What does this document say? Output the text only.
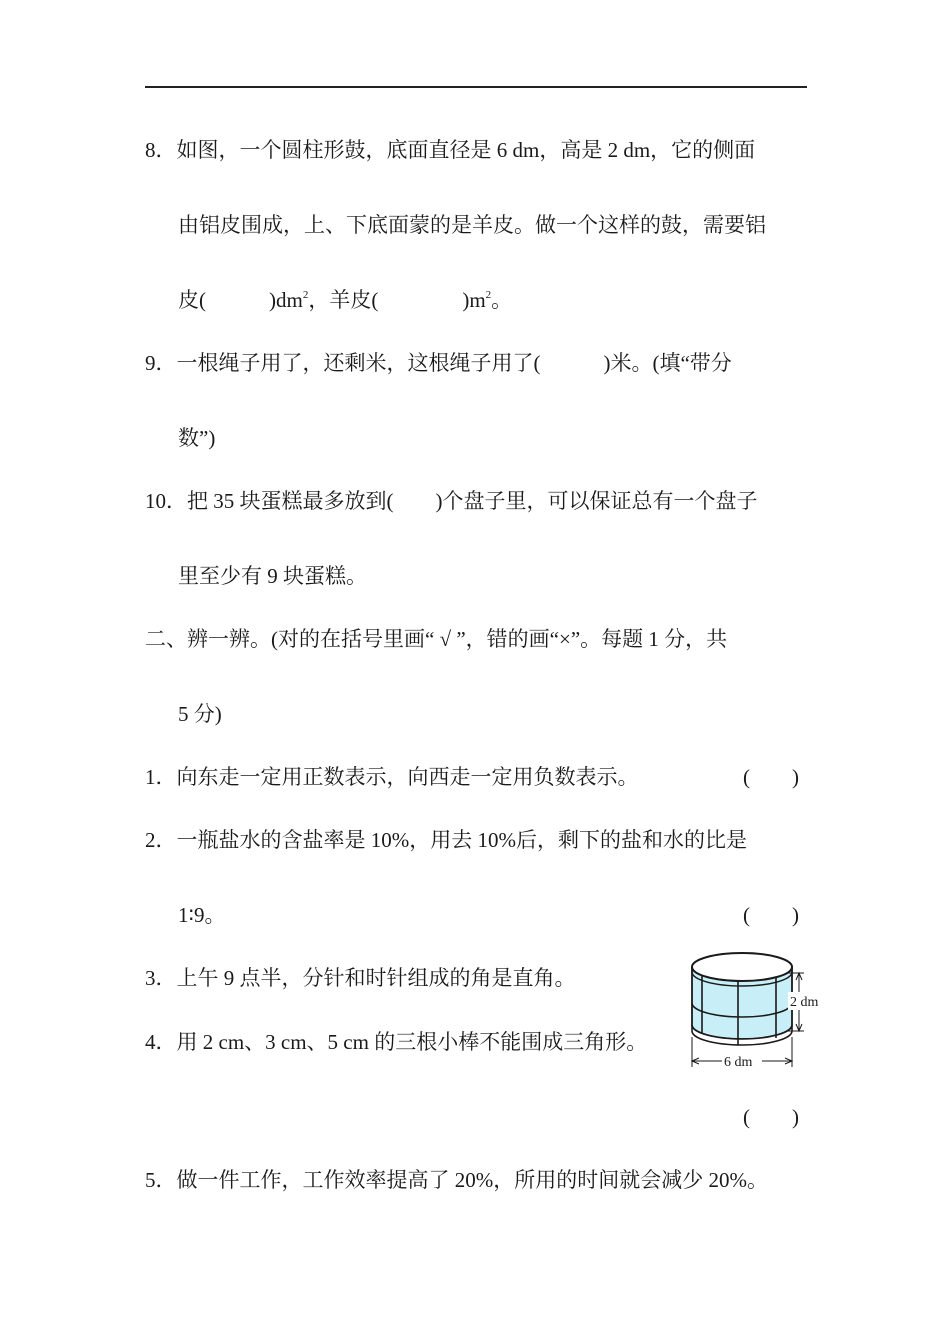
8．如图，一个圆柱形鼓，底面直径是 6 dm，高是 2 dm，它的侧面
由铝皮围成，上、下底面蒙的是羊皮。做一个这样的鼓，需要铝
皮(            )$dm^2$，羊皮(                )$m^2$。
9．一根绳子用了，还剩米，这根绳子用了(            )米。(填“带分
数”)
10．把 35 块蛋糕最多放到(        )个盘子里，可以保证总有一个盘子
里至少有 9 块蛋糕。
二、辨一辨。(对的在括号里画“ √ ”，错的画“×”。每题 1 分，共
5 分)
1．向东走一定用正数表示，向西走一定用负数表示。	(        )
2．一瓶盐水的含盐率是 10%，用去 10%后，剩下的盐和水的比是
1∶9。	(        )
3．上午 9 点半，分针和时针组成的角是直角。
4．用 2 cm、3 cm、5 cm 的三根小棒不能围成三角形。
(        )
5．做一件工作，工作效率提高了 20%，所用的时间就会减少 20%。
2 dm
6 dm
